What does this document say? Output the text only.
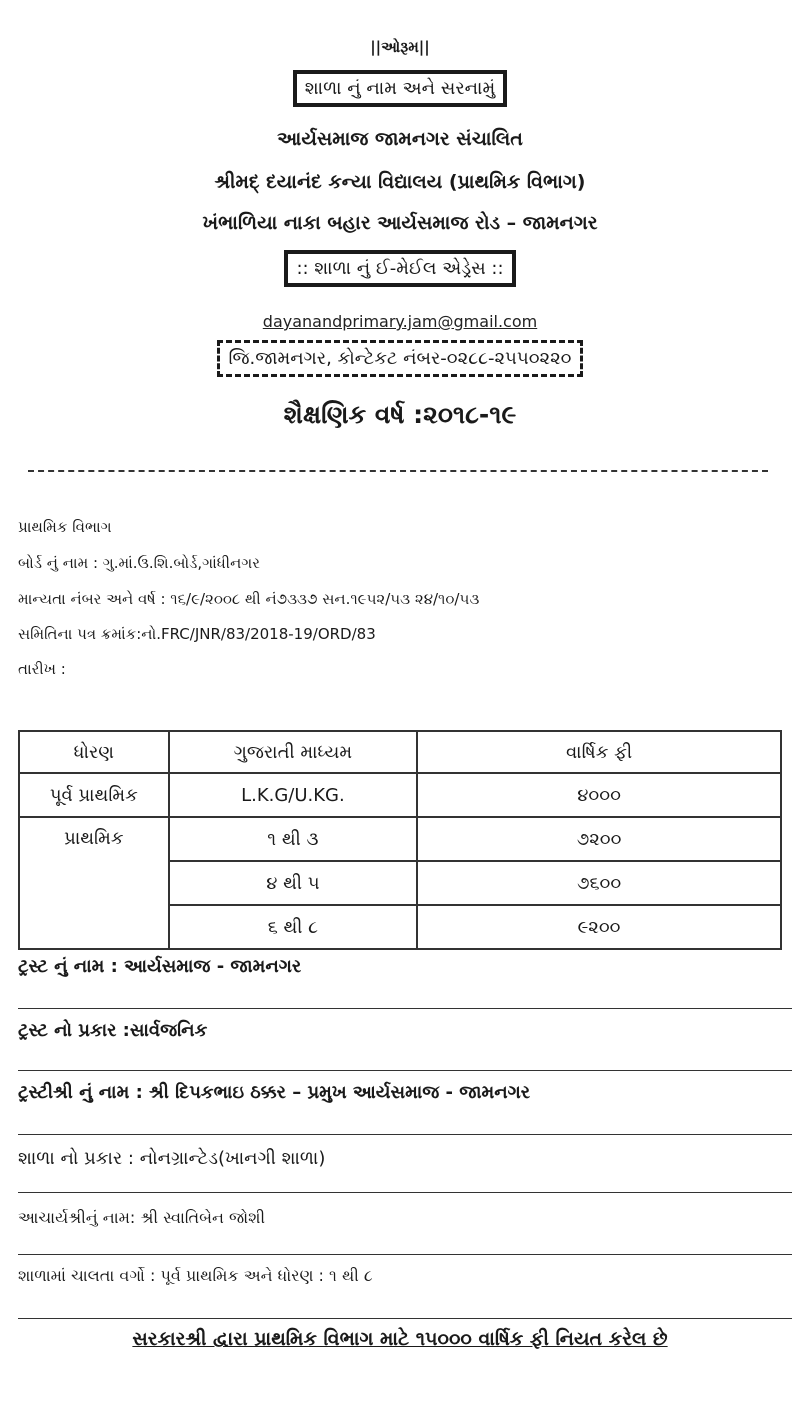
||ઓરૂમ||
શાળા નું નામ અને સરનામું
આર્યસમાજ જામનગર સંચાલિત
શ્રીમદ્ દયાનંદ કન્યા વિદ્યાલય (પ્રાથમિક વિભાગ)
ખંભાળિયા નાકા બહાર આર્યસમાજ રોડ – જામનગર
:: શાળા નું ઈ-મેઈલ એડ્રેસ ::
dayanandprimary.jam@gmail.com
જિ.જામનગર, કોન્ટેકટ નંબર-૦૨૮૮-૨૫૫૦૨૨૦
શૈક્ષણિક વર્ષ :૨૦૧૮-૧૯
પ્રાથમિક વિભાગ
બોર્ડ નું નામ : ગુ.માં.ઉ.શિ.બોર્ડ,ગાંધીનગર
માન્યતા નંબર અને વર્ષ : ૧૬/૯/૨૦૦૮ થી નં૭૩૩૭ સન.૧૯૫૨/૫૩ ૨૪/૧૦/૫૩
સમિતિના પત્ર ક્રમાંક:નો.FRC/JNR/83/2018-19/ORD/83
તારીખ :
ધોરણ	ગુજરાતી માધ્યમ	વાર્ષિક ફી
પૂર્વ પ્રાથમિક	L.K.G/U.KG.	૪૦૦૦
પ્રાથમિક	૧ થી ૩	૭૨૦૦
	૪ થી ૫	૭૬૦૦
	૬ થી ૮	૯૨૦૦
ટ્રસ્ટ નું નામ : આર્યસમાજ - જામનગર
ટ્રસ્ટ નો પ્રકાર :સાર્વજનિક
ટ્રસ્ટીશ્રી નું નામ : શ્રી દિપકભાઇ ઠક્કર – પ્રમુખ આર્યસમાજ - જામનગર
શાળા નો પ્રકાર : નોનગ્રાન્ટેડ(ખાનગી શાળા)
આચાર્યશ્રીનું નામ: શ્રી સ્વાતિબેન જોશી
શાળામાં ચાલતા વર્ગો : પૂર્વ પ્રાથમિક અને ધોરણ : ૧ થી ૮
સરકારશ્રી દ્વારા પ્રાથમિક વિભાગ માટે ૧૫૦૦૦ વાર્ષિક ફી નિયત કરેલ છે
